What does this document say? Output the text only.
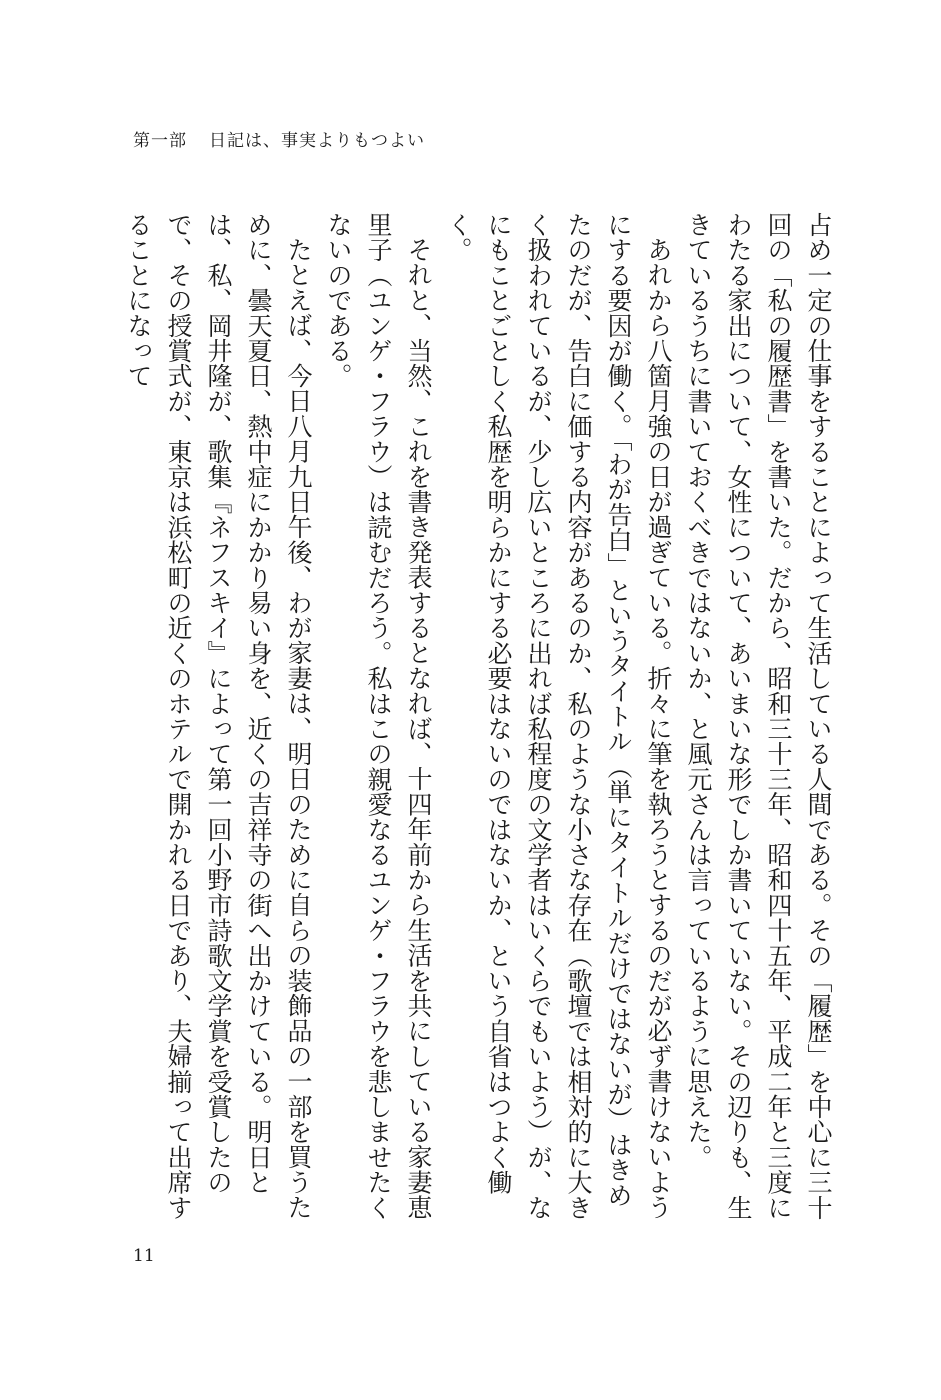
第一部 日記は、事実よりもつよい

占め一定の仕事をすることによって生活している人間である。その「履歴」を中心に三十回の「私の履歴書」を書いた。だから、昭和三十三年、昭和四十五年、平成二年と三度にわたる家出について、女性について、あいまいな形でしか書いていない。その辺りも、生きているうちに書いておくべきではないか、と風元さんは言っているように思えた。

あれから八箇月強の日が過ぎている。折々に筆を執ろうとするのだが必ず書けないようにする要因が働く。「わが告白」というタイトル（単にタイトルだけではないが）はきめたのだが、告白に価する内容があるのか、私のような小さな存在（歌壇では相対的に大きく扱われているが、少し広いところに出れば私程度の文学者はいくらでもいよう）が、なにもことごとしく私歴を明らかにする必要はないのではないか、という自省はつよく働く。

それと、当然、これを書き発表するとなれば、十四年前から生活を共にしている家妻恵里子（ユンゲ・フラウ）は読むだろう。私はこの親愛なるユンゲ・フラウを悲しませたくないのである。

たとえば、今日八月九日午後、わが家妻は、明日のために自らの装飾品の一部を買うために、曇天夏日、熱中症にかかり易い身を、近くの吉祥寺の街へ出かけている。明日とは、私、岡井隆が、歌集『ネフスキイ』によって第一回小野市詩歌文学賞を受賞したので、その授賞式が、東京は浜松町の近くのホテルで開かれる日であり、夫婦揃って出席することになって

11
